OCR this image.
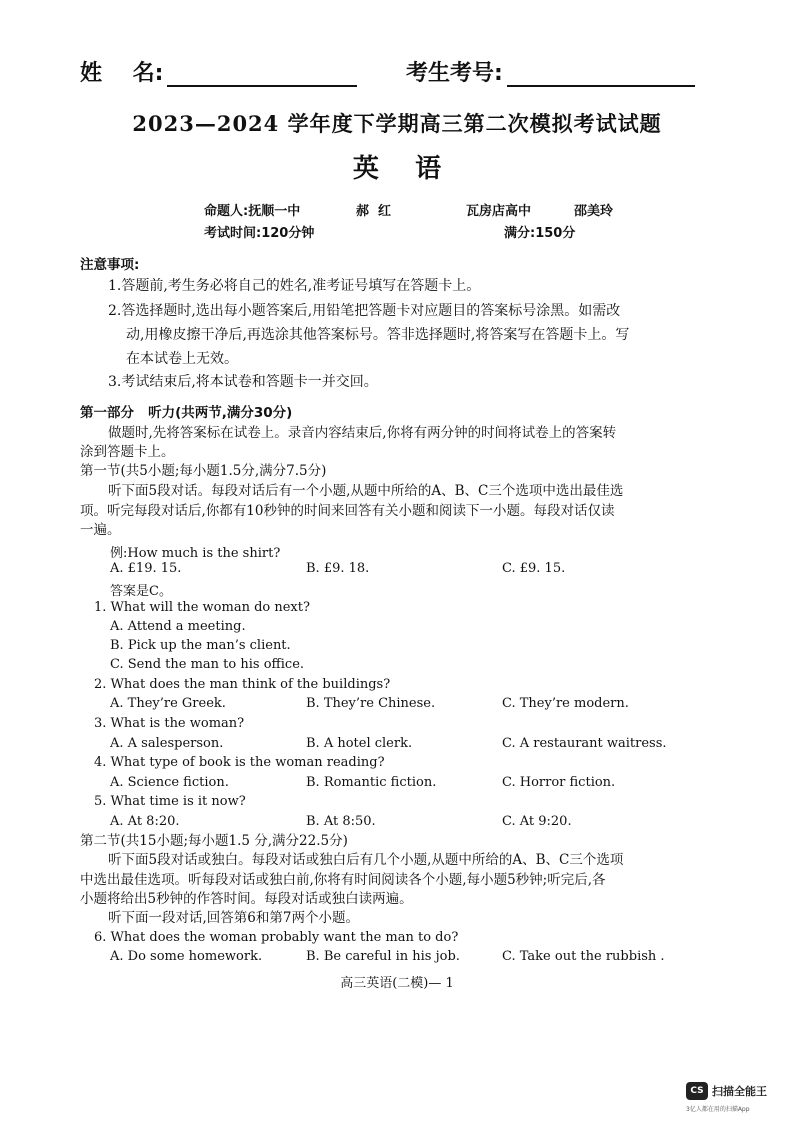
姓    名:	考生考号:
2023—2024 学年度下学期高三第二次模拟考试试题
英    语
命题人:抚顺一中	郝  红	瓦房店高中	邵美玲
考试时间:120分钟	满分:150分
注意事项:
1.答题前,考生务必将自己的姓名,准考证号填写在答题卡上。
2.答选择题时,选出每小题答案后,用铅笔把答题卡对应题目的答案标号涂黑。如需改
动,用橡皮擦干净后,再选涂其他答案标号。答非选择题时,将答案写在答题卡上。写
在本试卷上无效。
3.考试结束后,将本试卷和答题卡一并交回。
第一部分   听力(共两节,满分30分)
做题时,先将答案标在试卷上。录音内容结束后,你将有两分钟的时间将试卷上的答案转
涂到答题卡上。
第一节(共5小题;每小题1.5分,满分7.5分)
听下面5段对话。每段对话后有一个小题,从题中所给的A、B、C三个选项中选出最佳选
项。听完每段对话后,你都有10秒钟的时间来回答有关小题和阅读下一小题。每段对话仅读
一遍。
例:How much is the shirt?
A. £19. 15.	B. £9. 18.	C. £9. 15.
答案是C。
1. What will the woman do next?
A. Attend a meeting.
B. Pick up the man’s client.
C. Send the man to his office.
2. What does the man think of the buildings?
A. They’re Greek.	B. They’re Chinese.	C. They’re modern.
3. What is the woman?
A. A salesperson.	B. A hotel clerk.	C. A restaurant waitress.
4. What type of book is the woman reading?
A. Science fiction.	B. Romantic fiction.	C. Horror fiction.
5. What time is it now?
A. At 8:20.	B. At 8:50.	C. At 9:20.
第二节(共15小题;每小题1.5 分,满分22.5分)
听下面5段对话或独白。每段对话或独白后有几个小题,从题中所给的A、B、C三个选项
中选出最佳选项。听每段对话或独白前,你将有时间阅读各个小题,每小题5秒钟;听完后,各
小题将给出5秒钟的作答时间。每段对话或独白读两遍。
听下面一段对话,回答第6和第7两个小题。
6. What does the woman probably want the man to do?
A. Do some homework.	B. Be careful in his job.	C. Take out the rubbish .
高三英语(二模)— 1
CS 扫描全能王
3亿人都在用的扫描App
